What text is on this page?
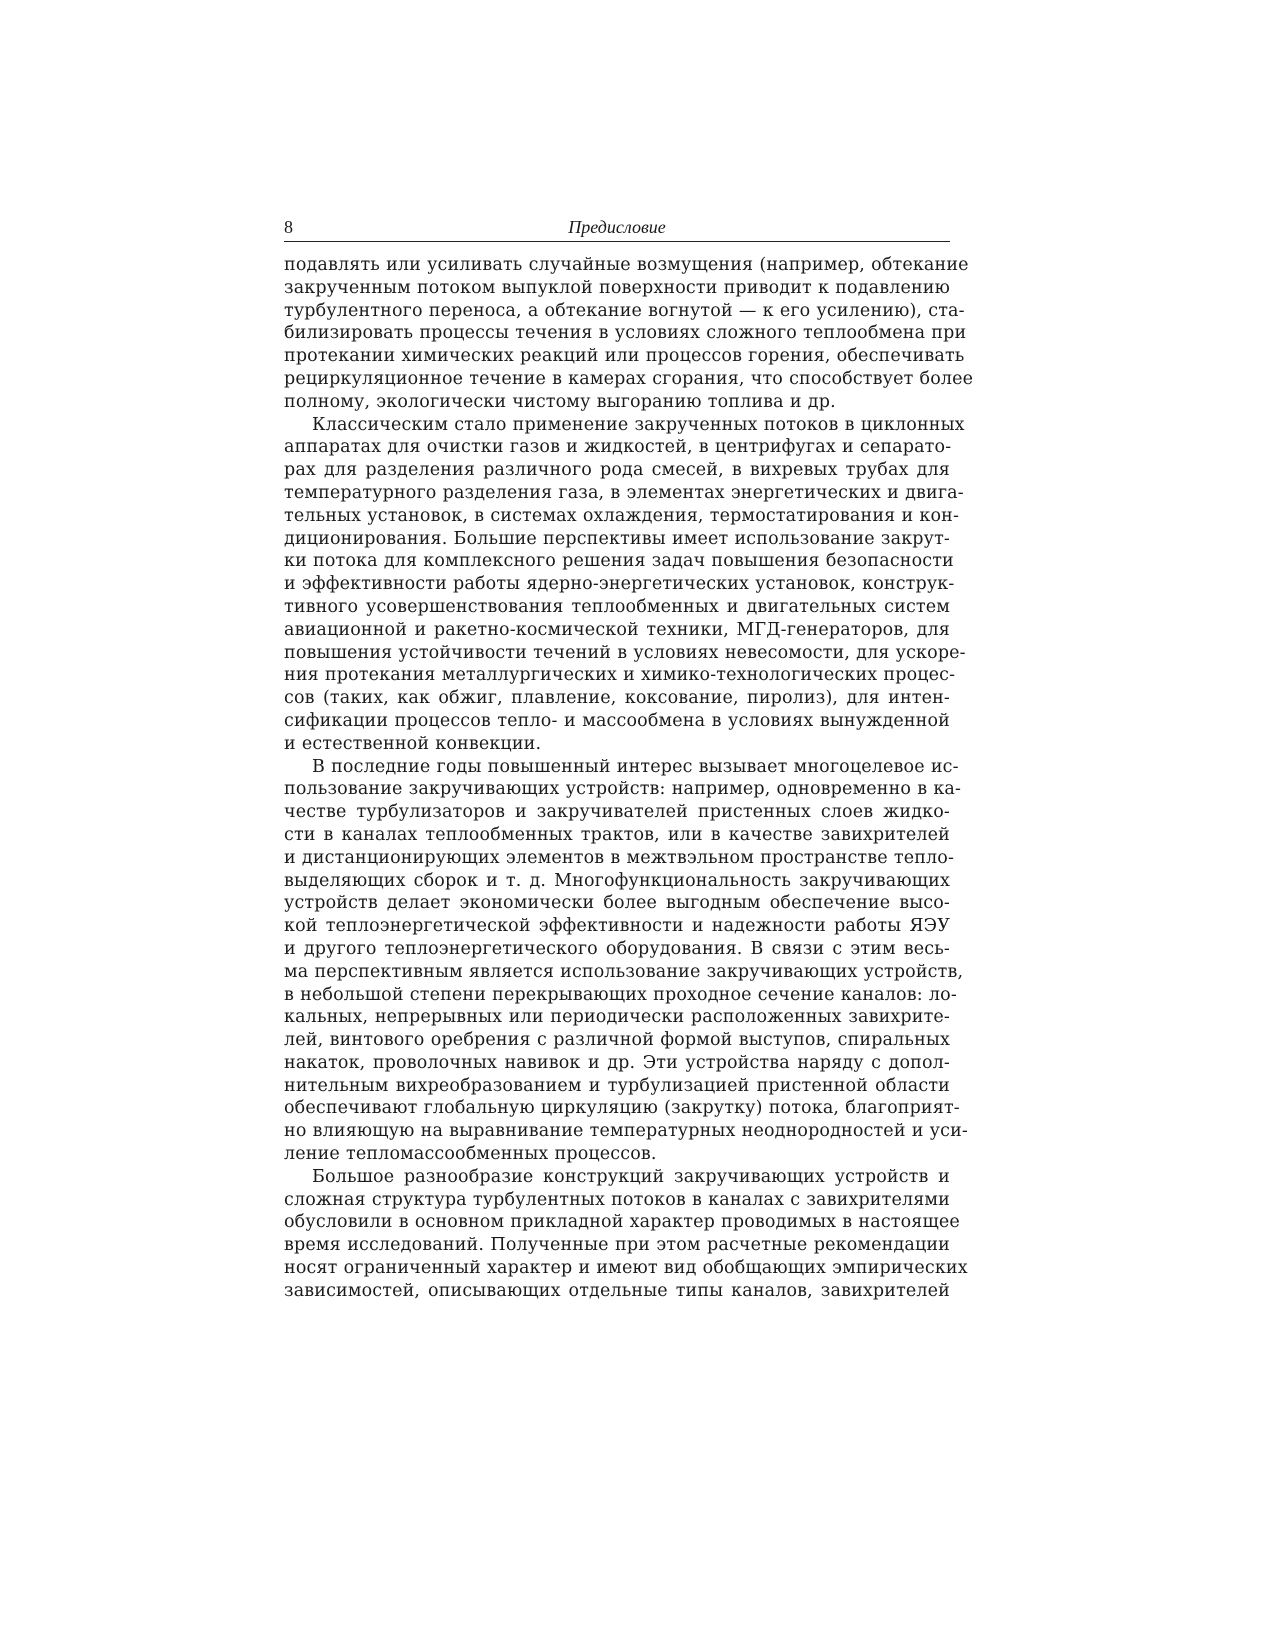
8	Предисловие

подавлять или усиливать случайные возмущения (например, обтекание
закрученным потоком выпуклой поверхности приводит к подавлению
турбулентного переноса, а обтекание вогнутой — к его усилению), ста-
билизировать процессы течения в условиях сложного теплообмена при
протекании химических реакций или процессов горения, обеспечивать
рециркуляционное течение в камерах сгорания, что способствует более
полному, экологически чистому выгоранию топлива и др.

Классическим стало применение закрученных потоков в циклонных
аппаратах для очистки газов и жидкостей, в центрифугах и сепарато-
рах для разделения различного рода смесей, в вихревых трубах для
температурного разделения газа, в элементах энергетических и двига-
тельных установок, в системах охлаждения, термостатирования и кон-
диционирования. Большие перспективы имеет использование закрут-
ки потока для комплексного решения задач повышения безопасности
и эффективности работы ядерно-энергетических установок, конструк-
тивного усовершенствования теплообменных и двигательных систем
авиационной и ракетно-космической техники, МГД-генераторов, для
повышения устойчивости течений в условиях невесомости, для ускоре-
ния протекания металлургических и химико-технологических процес-
сов (таких, как обжиг, плавление, коксование, пиролиз), для интен-
сификации процессов тепло- и массообмена в условиях вынужденной
и естественной конвекции.

В последние годы повышенный интерес вызывает многоцелевое ис-
пользование закручивающих устройств: например, одновременно в ка-
честве турбулизаторов и закручивателей пристенных слоев жидко-
сти в каналах теплообменных трактов, или в качестве завихрителей
и дистанционирующих элементов в межтвэльном пространстве тепло-
выделяющих сборок и т. д. Многофункциональность закручивающих
устройств делает экономически более выгодным обеспечение высо-
кой теплоэнергетической эффективности и надежности работы ЯЭУ
и другого теплоэнергетического оборудования. В связи с этим весь-
ма перспективным является использование закручивающих устройств,
в небольшой степени перекрывающих проходное сечение каналов: ло-
кальных, непрерывных или периодически расположенных завихрите-
лей, винтового оребрения с различной формой выступов, спиральных
накаток, проволочных навивок и др. Эти устройства наряду с допол-
нительным вихреобразованием и турбулизацией пристенной области
обеспечивают глобальную циркуляцию (закрутку) потока, благоприят-
но влияющую на выравнивание температурных неоднородностей и уси-
ление тепломассообменных процессов.

Большое разнообразие конструкций закручивающих устройств и
сложная структура турбулентных потоков в каналах с завихрителями
обусловили в основном прикладной характер проводимых в настоящее
время исследований. Полученные при этом расчетные рекомендации
носят ограниченный характер и имеют вид обобщающих эмпирических
зависимостей, описывающих отдельные типы каналов, завихрителей
